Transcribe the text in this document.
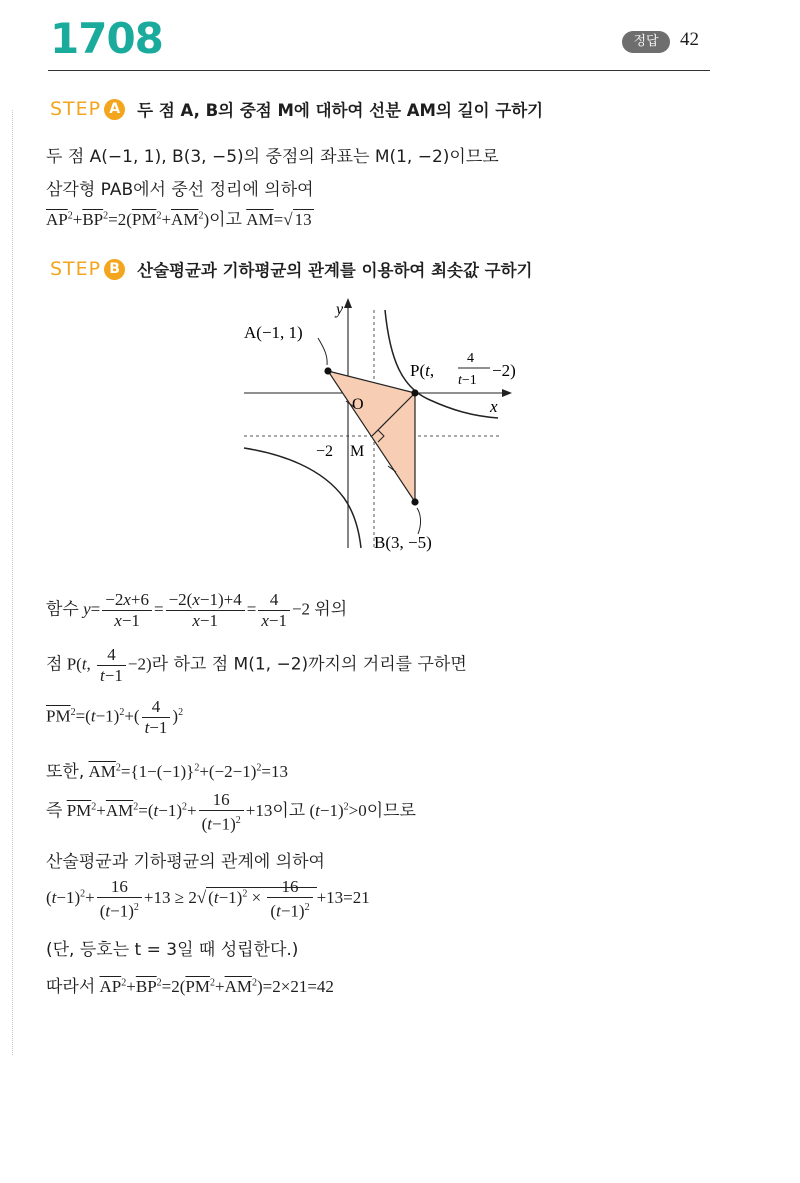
1708	정답	42
STEP A	두 점 A, B의 중점 M에 대하여 선분 AM의 길이 구하기
두 점 A(−1, 1), B(3, −5)의 중점의 좌표는 M(1, −2)이므로
삼각형 PAB에서 중선 정리에 의하여
$\overline{AP}^2+\overline{BP}^2=2(\overline{PM}^2+\overline{AM}^2)$이고 $\overline{AM}=√$ 13
STEP B	산술평균과 기하평균의 관계를 이용하여 최솟값 구하기
y
x
O
A(−1, 1)
B(3, −5)
M
−2
P(t,
4
t−1
−2)
함수 $y= \frac{-2x+6}{x-1} = \frac{-2(x-1)+4}{x-1} = \frac{4}{x-1} -2$ 위의
점 P(t, $\frac{4}{t-1} -2$)라 하고 점 M(1, −2)까지의 거리를 구하면
$\overline{PM}^2=(t-1)^2+( \frac{4}{t-1} )^2$
또한, $\overline{AM}^2=\{1-(-1)\}^2+(-2-1)^2=13$
즉 $\overline{PM}^2+\overline{AM}^2=(t-1)^2+ \frac{16}{(t-1)^2} +13$이고 $(t-1)^2>0$이므로
산술평균과 기하평균의 관계에 의하여
$(t-1)^2+ \frac{16}{(t-1)^2} +13 \ge 2√$ $(t-1)^2 \times \frac{16}{(t-1)^2} +13=21$
(단, 등호는 t = 3일 때 성립한다.)
따라서 $\overline{AP}^2+\overline{BP}^2=2(\overline{PM}^2+\overline{AM}^2)=2\times 21=42$
